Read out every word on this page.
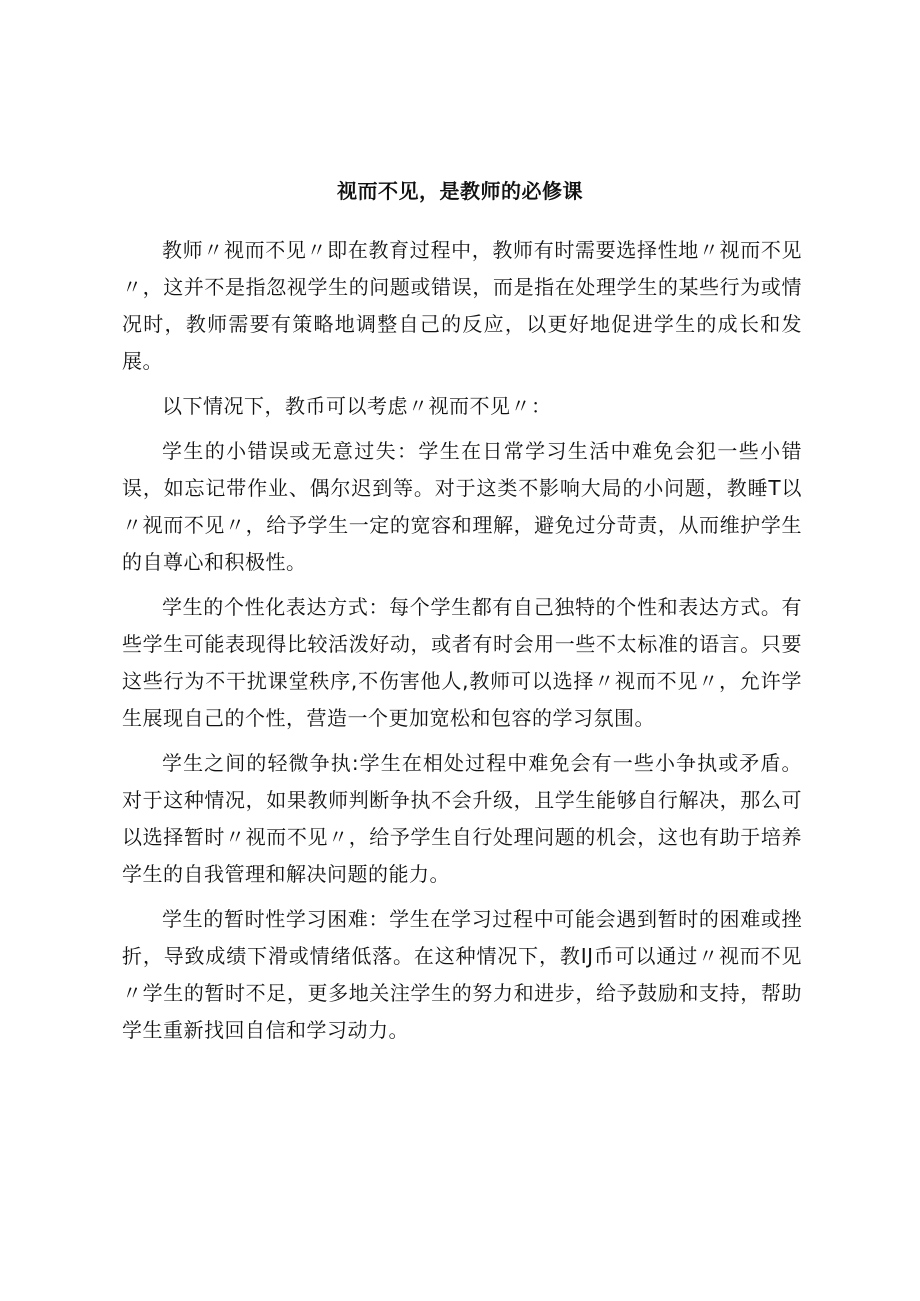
视而不见，是教师的必修课

教师〃视而不见〃即在教育过程中，教师有时需要选择性地〃视而不见〃，这并不是指忽视学生的问题或错误，而是指在处理学生的某些行为或情况时，教师需要有策略地调整自己的反应，以更好地促进学生的成长和发展。

以下情况下，教币可以考虑〃视而不见〃：

学生的小错误或无意过失：学生在日常学习生活中难免会犯一些小错误，如忘记带作业、偶尔迟到等。对于这类不影响大局的小问题，教睡T以〃视而不见〃，给予学生一定的宽容和理解，避免过分苛责，从而维护学生的自尊心和积极性。

学生的个性化表达方式：每个学生都有自己独特的个性和表达方式。有些学生可能表现得比较活泼好动，或者有时会用一些不太标准的语言。只要这些行为不干扰课堂秩序,不伤害他人,教师可以选择〃视而不见〃，允许学生展现自己的个性，营造一个更加宽松和包容的学习氛围。

学生之间的轻微争执:学生在相处过程中难免会有一些小争执或矛盾。对于这种情况，如果教师判断争执不会升级，且学生能够自行解决，那么可以选择暂时〃视而不见〃，给予学生自行处理问题的机会，这也有助于培养学生的自我管理和解决问题的能力。

学生的暂时性学习困难：学生在学习过程中可能会遇到暂时的困难或挫折，导致成绩下滑或情绪低落。在这种情况下，教IJ币可以通过〃视而不见〃学生的暂时不足，更多地关注学生的努力和进步，给予鼓励和支持，帮助学生重新找回自信和学习动力。
